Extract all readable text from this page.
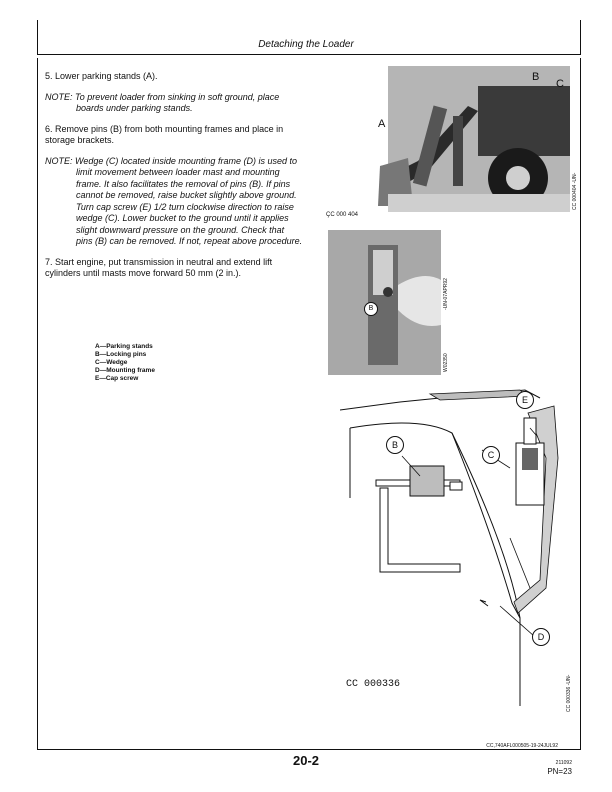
Detaching the Loader

5. Lower parking stands (A).

NOTE: To prevent loader from sinking in soft ground, place boards under parking stands.

6. Remove pins (B) from both mounting frames and place in storage brackets.

NOTE: Wedge (C) located inside mounting frame (D) is used to limit movement between loader mast and mounting frame. It also facilitates the removal of pins (B). If pins cannot be removed, raise bucket slightly above ground. Turn cap screw (E) 1/2 turn clockwise direction to raise wedge (C). Lower bucket to the ground until it applies slight downward pressure on the ground. Check that pins (B) can be removed. If not, repeat above procedure.

7. Start engine, put transmission in neutral and extend lift cylinders until masts move forward 50 mm (2 in.).

A—Parking stands
B—Locking pins
C—Wedge
D—Mounting frame
E—Cap screw
A
B
C
ÇC 000 404
CC 000404 -UN-
B	-UN-07APR92
W02350
E
B
C
D
CC 000336	CC 000336 -UN-
CC,740AFL000505-19-24JUL92
20-2	211092
PN=23
